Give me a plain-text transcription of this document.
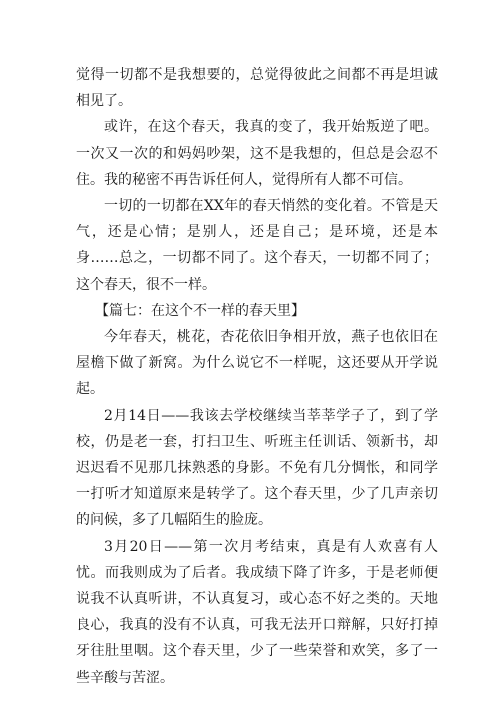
觉得一切都不是我想要的，总觉得彼此之间都不再是坦诚相见了。

或许，在这个春天，我真的变了，我开始叛逆了吧。一次又一次的和妈妈吵架，这不是我想的，但总是会忍不住。我的秘密不再告诉任何人，觉得所有人都不可信。

一切的一切都在XX年的春天悄然的变化着。不管是天气，还是心情；是别人，还是自己；是环境，还是本身……总之，一切都不同了。这个春天，一切都不同了；这个春天，很不一样。

【篇七：在这个不一样的春天里】

今年春天，桃花，杏花依旧争相开放，燕子也依旧在屋檐下做了新窝。为什么说它不一样呢，这还要从开学说起。

2月14日——我该去学校继续当莘莘学子了，到了学校，仍是老一套，打扫卫生、听班主任训话、领新书，却迟迟看不见那几抹熟悉的身影。不免有几分惆怅，和同学一打听才知道原来是转学了。这个春天里，少了几声亲切的问候，多了几幅陌生的脸庞。

3月20日——第一次月考结束，真是有人欢喜有人忧。而我则成为了后者。我成绩下降了许多，于是老师便说我不认真听讲，不认真复习，或心态不好之类的。天地良心，我真的没有不认真，可我无法开口辩解，只好打掉牙往肚里咽。这个春天里，少了一些荣誉和欢笑，多了一些辛酸与苦涩。
